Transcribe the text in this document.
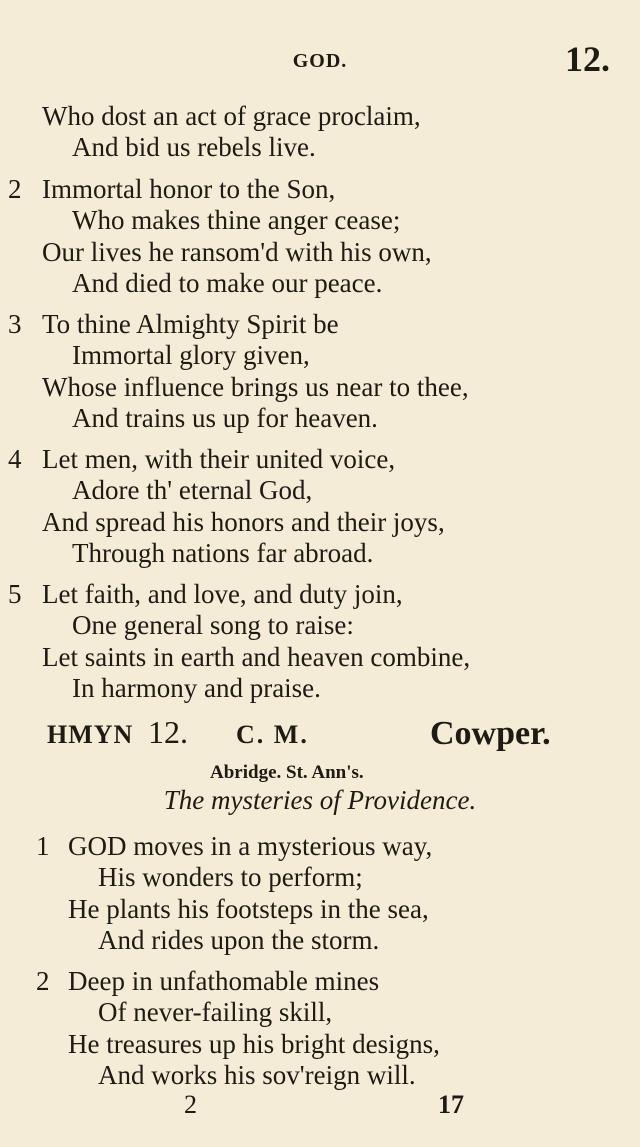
GOD.	12.
Who dost an act of grace proclaim,
And bid us rebels live.
2 Immortal honor to the Son,
Who makes thine anger cease;
Our lives he ransom'd with his own,
And died to make our peace.
3 To thine Almighty Spirit be
Immortal glory given,
Whose influence brings us near to thee,
And trains us up for heaven.
4 Let men, with their united voice,
Adore th' eternal God,
And spread his honors and their joys,
Through nations far abroad.
5 Let faith, and love, and duty join,
One general song to raise:
Let saints in earth and heaven combine,
In harmony and praise.
HMYN 12. C. M.	Cowper.
Abridge. St. Ann's.
The mysteries of Providence.
1 GOD moves in a mysterious way,
His wonders to perform;
He plants his footsteps in the sea,
And rides upon the storm.
2 Deep in unfathomable mines
Of never-failing skill,
He treasures up his bright designs,
And works his sov'reign will.
2	17
